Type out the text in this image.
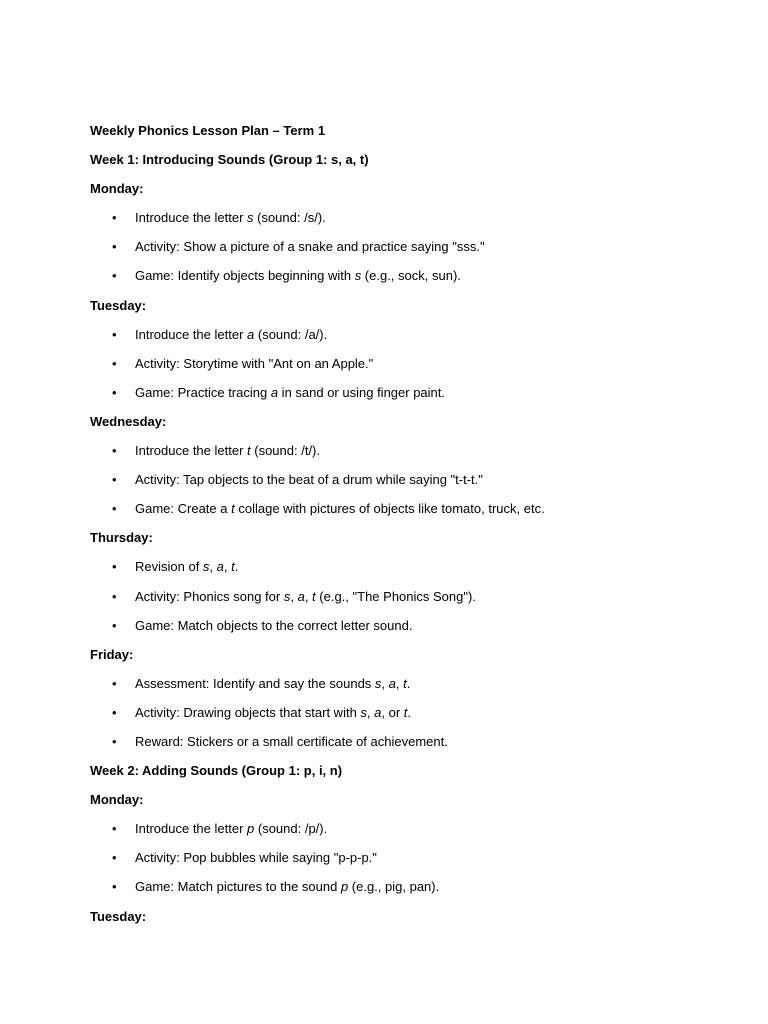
Weekly Phonics Lesson Plan – Term 1
Week 1: Introducing Sounds (Group 1: s, a, t)
Monday:
• Introduce the letter s (sound: /s/).
• Activity: Show a picture of a snake and practice saying "sss."
• Game: Identify objects beginning with s (e.g., sock, sun).
Tuesday:
• Introduce the letter a (sound: /a/).
• Activity: Storytime with "Ant on an Apple."
• Game: Practice tracing a in sand or using finger paint.
Wednesday:
• Introduce the letter t (sound: /t/).
• Activity: Tap objects to the beat of a drum while saying "t-t-t."
• Game: Create a t collage with pictures of objects like tomato, truck, etc.
Thursday:
• Revision of s, a, t.
• Activity: Phonics song for s, a, t (e.g., "The Phonics Song").
• Game: Match objects to the correct letter sound.
Friday:
• Assessment: Identify and say the sounds s, a, t.
• Activity: Drawing objects that start with s, a, or t.
• Reward: Stickers or a small certificate of achievement.
Week 2: Adding Sounds (Group 1: p, i, n)
Monday:
• Introduce the letter p (sound: /p/).
• Activity: Pop bubbles while saying "p-p-p."
• Game: Match pictures to the sound p (e.g., pig, pan).
Tuesday:
